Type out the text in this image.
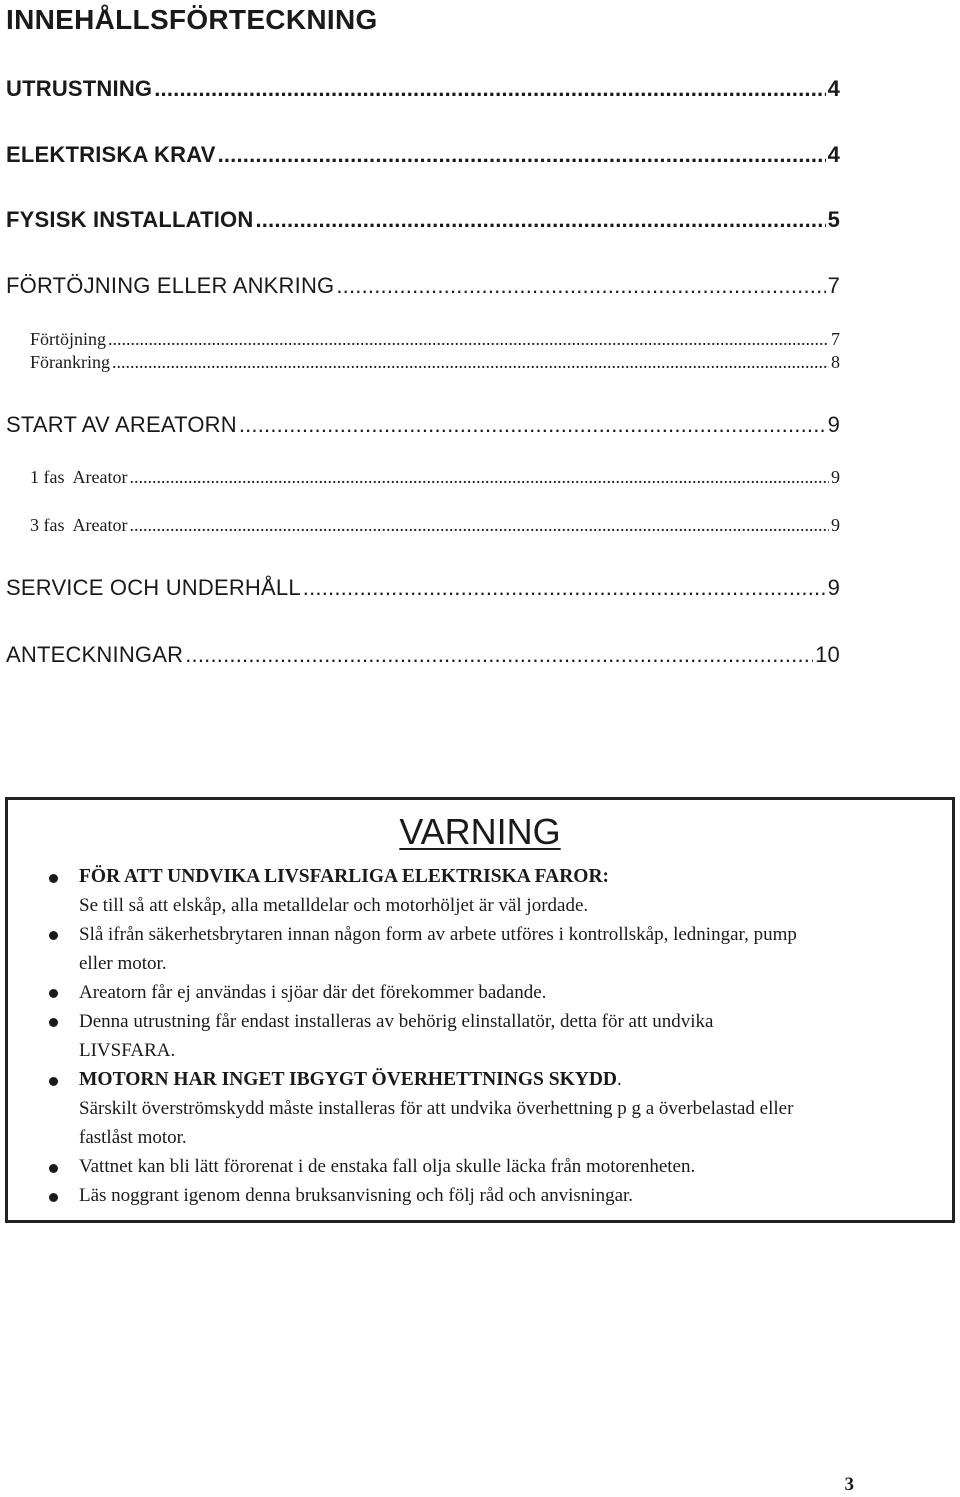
INNEHÅLLSFÖRTECKNING
UTRUSTNING .....	4
ELEKTRISKA KRAV .....	4
FYSISK INSTALLATION .....	5
FÖRTÖJNING ELLER ANKRING .....	7
Förtöjning .....	7
Förankring .....	8
START AV AREATORN .....	9
1 fas  Areator .....	9
3 fas  Areator .....	9
SERVICE OCH UNDERHÅLL .....	9
ANTECKNINGAR .....	10
VARNING
FÖR ATT UNDVIKA LIVSFARLIGA ELEKTRISKA FAROR:
Se till så att elskåp, alla metalldelar och motorhöljet är väl jordade.
Slå ifrån säkerhetsbrytaren innan någon form av arbete utföres i kontrollskåp, ledningar, pump
eller motor.
Areatorn får ej användas i sjöar där det förekommer badande.
Denna utrustning får endast installeras av behörig elinstallatör, detta för att undvika
LIVSFARA.
MOTORN HAR INGET IBGYGT ÖVERHETTNINGS SKYDD.
Särskilt överströmskydd måste installeras för att undvika överhettning p g a överbelastad eller
fastlåst motor.
Vattnet kan bli lätt förorenat i de enstaka fall olja skulle läcka från motorenheten.
Läs noggrant igenom denna bruksanvisning och följ råd och anvisningar.
3
